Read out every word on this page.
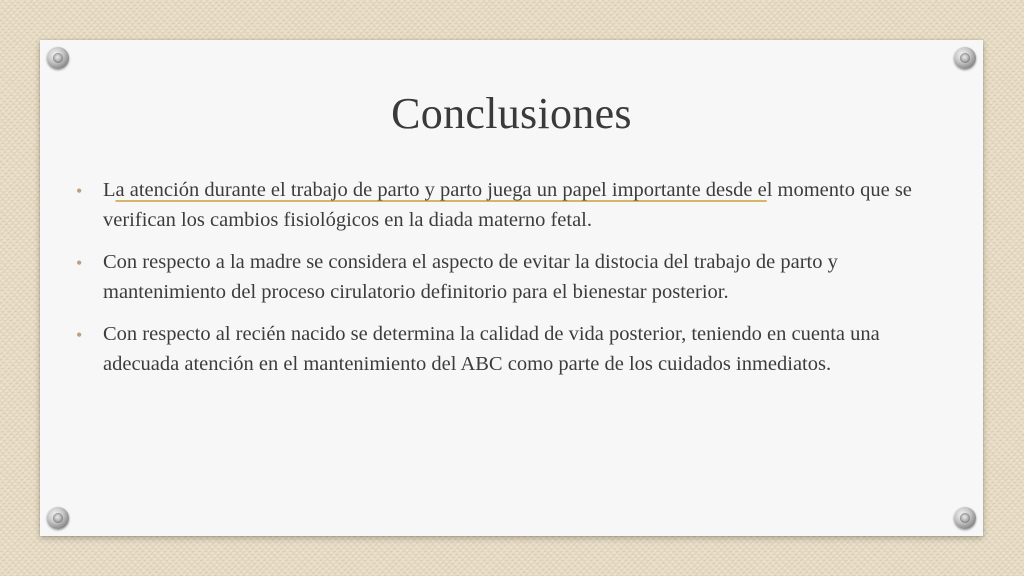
Conclusiones
• La atención durante el trabajo de parto y parto juega un papel importante desde el momento que se verifican los cambios fisiológicos en la diada materno fetal.
• Con respecto a la madre se considera el aspecto de evitar la distocia del trabajo de parto y mantenimiento del proceso cirulatorio definitorio para el bienestar posterior.
• Con respecto al recién nacido se determina la calidad de vida posterior, teniendo en cuenta una adecuada atención en el mantenimiento del ABC como parte de los cuidados inmediatos.
